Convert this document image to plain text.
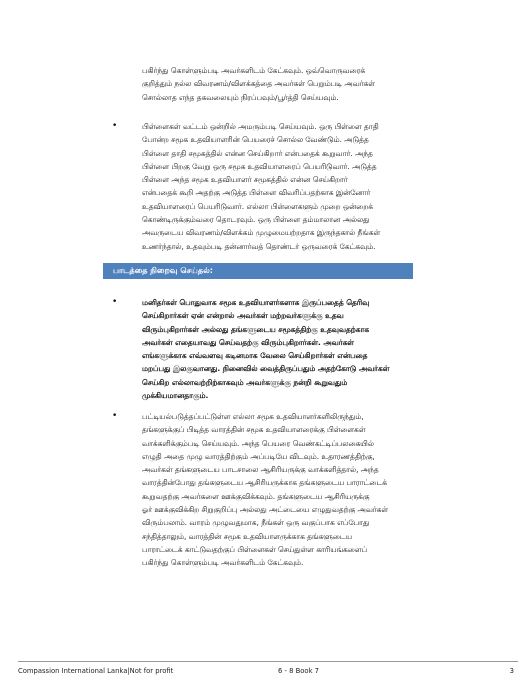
பகிர்ந்து கொள்ளும்படி அவர்களிடம் கேட்கவும். ஒவ்வொருவரைக்
குறித்தும் நல்ல விவரணம்/விளக்கத்தை அவர்கள் பெறும்படி அவர்கள்
சொல்லாத எந்த தகவலையும் நிரப்பவும்/பூர்த்தி செய்யவும்.

•	பிள்ளைகள் வட்டம் ஒன்றில் அமரும்படி செய்யவும். ஒரு பிள்ளை தாதி
போன்ற சமூக உதவியாளரின் பெயரைச் சொல்ல வேண்டும். அடுத்த
பிள்ளை தாதி சமூகத்தில் என்ன செய்கிறார் என்பதைக் கூறுவார். அந்த
பிள்ளை பிறகு வேறு ஒரு சமூக உதவியாளரைப் பெயரிடுவார். அடுத்த
பிள்ளை அந்த சமூக உதவியாளர் சமூகத்தில் என்ன செய்கிறார்
என்பதைக் கூறி அதற்கு அடுத்த பிள்ளை விவரிப்பதற்காக இன்னோர்
உதவியாளரைப் பெயரிடுவார். எல்லா பிள்ளைகளும் முறை ஒன்றைக்
கொண்டிருக்கும்வரை தொடரவும். ஒரு பிள்ளை தம்மாலான அல்லது
அவருடைய விவரணம்/விளக்கம் முழுமையற்றதாக இருந்தகால் நீங்கள்
உணர்ந்தால், உதவும்படி தன்னார்வத் தொண்டர் ஒருவரைக் கேட்கவும்.

பாடத்தை நிறைவு செய்தல்:
•	மனிதர்கள் பொதுவாக சமூக உதவியாளர்களாக இருப்பதைத் தெரிவு
செய்கிறார்கள் ஏன் என்றால் அவர்கள் மற்றவர்களுக்கு உதவ
விரும்புகிறார்கள் அல்லது தங்களுடைய சமூகத்திற்கு உதவுவதற்காக
அவர்கள் எதையாவது செய்வதற்கு விரும்புகிறார்கள். அவர்கள்
எங்களுக்காக எவ்வளவு கடினமாக வேலை செய்கிறார்கள் என்பதை
மறப்பது இலகுவானது. நினைவில் வைத்திருப்பதும் அதற்கோடு அவர்கள்
செய்கிற எல்லாவற்றிற்காகவும் அவர்களுக்கு நன்றி கூறுவதும்
முக்கியமானதாகும்.

•	பட்டியல்படுத்தப்பட்டுள்ள எல்லா சமூக உதவியாளர்களிலிருந்தும்,
தங்களுக்குப் பிடித்த வாரத்தின் சமூக உதவியாளரைக்கு பிள்ளைகள்
வாக்களிக்கும்படி செய்யவும். அந்த பெயரை வெண்கட்டிப்பலகையில்
எழுதி அதை முழு வாரத்திற்கும் அப்படியே விடவும். உதாரணத்திற்கு,
அவர்கள் தங்களுடைய பாடசாலை ஆசிரியருக்கு வாக்களித்தால், அந்த
வாரத்தின்போது தங்களுடைய ஆசிரியருக்காக தங்களுடைய பாராட்டைக்
கூறுவதற்கு அவர்களை ஊக்குவிக்கவும். தங்களுடைய ஆசிரியருக்கு
ஓர் ஊக்குவிக்கிற சிறுகுறிப்பு அல்லது அட்டையை எழுதுவதற்கு அவர்கள்
விரும்பலாம். வாரம் முழுவதுமாக, நீங்கள் ஒரு வகுப்பாக எப்போது
சந்தித்தாலும், வாரத்தின் சமூக உதவியாளருக்காக தங்களுடைய
பாராட்டைக் காட்டுவதற்குப் பிள்ளைகள் செய்துள்ள காரியங்களைப்
பகிர்ந்து கொள்ளும்படி அவர்களிடம் கேட்கவும்.

Compassion International Lanka|Not for profit	6 - 8 Book 7	3
